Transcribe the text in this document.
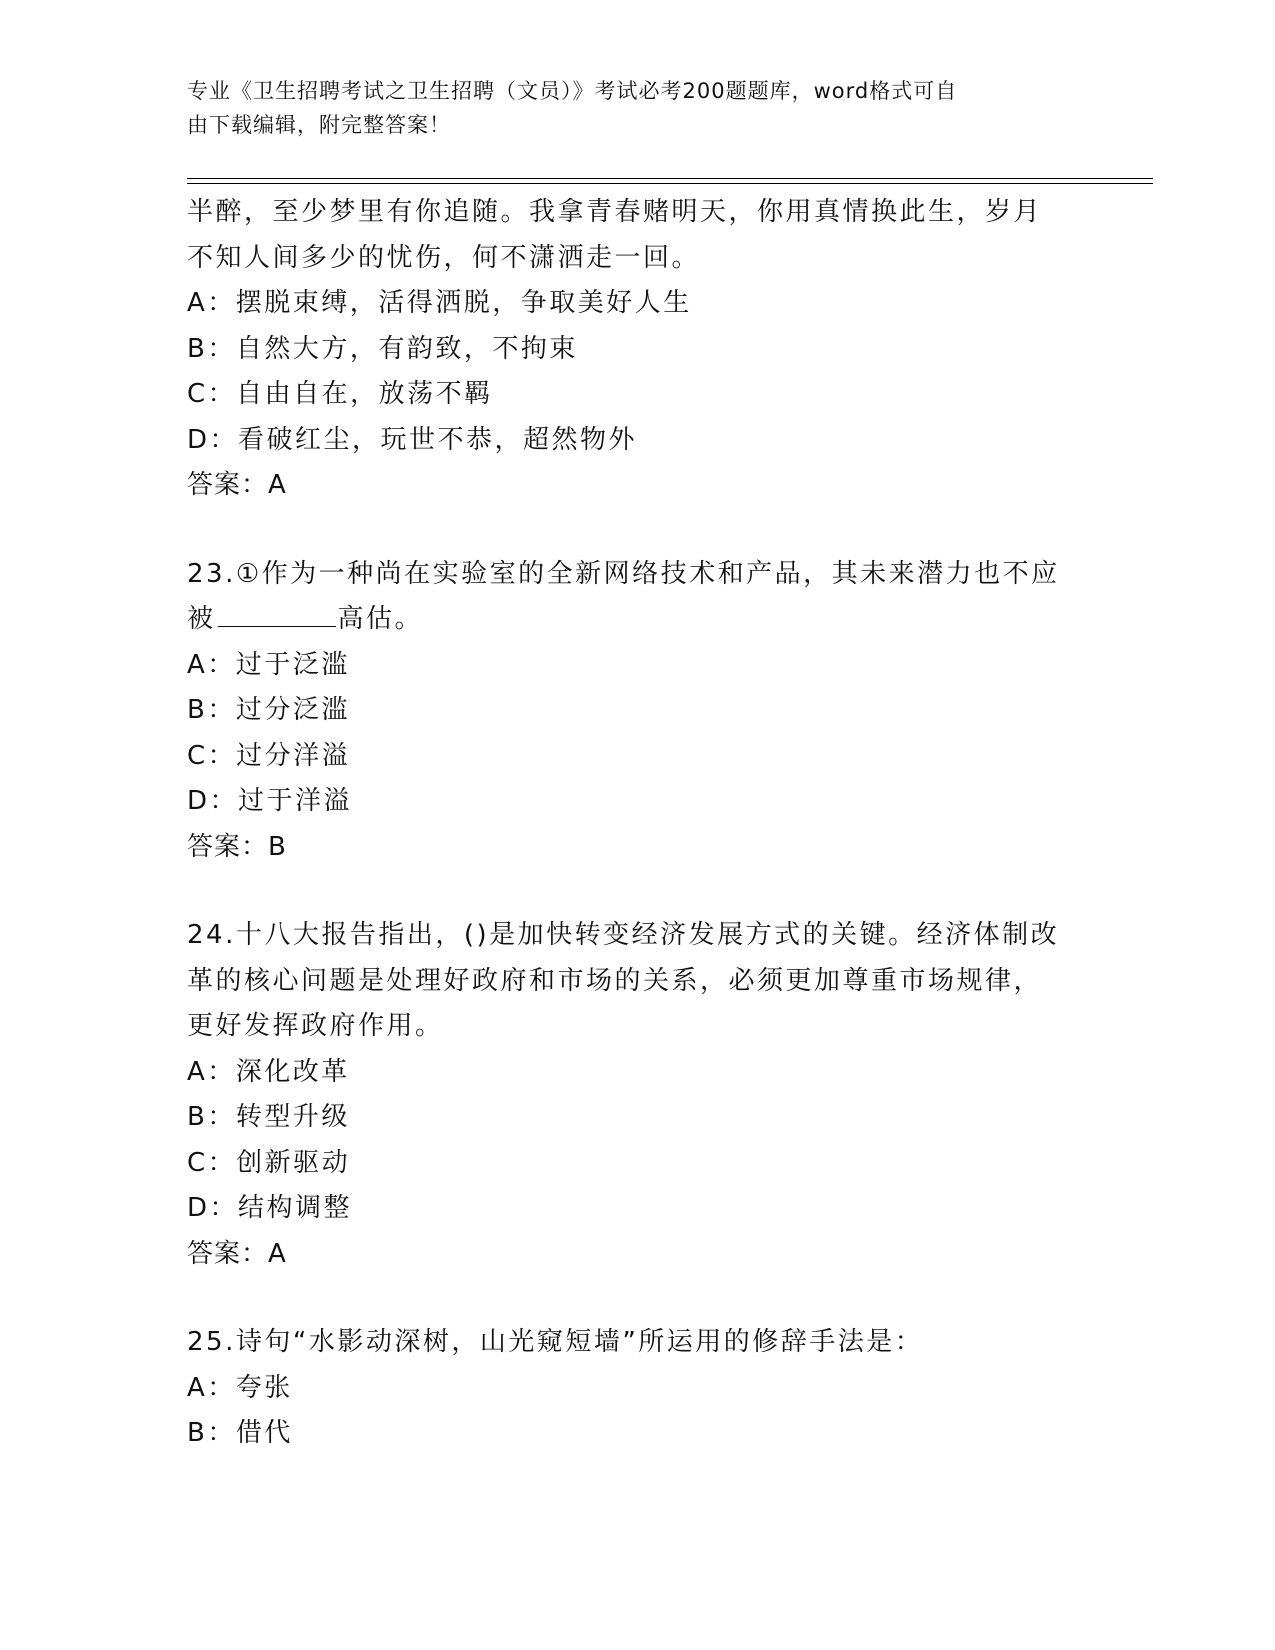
专业《卫生招聘考试之卫生招聘（文员）》考试必考200题题库，word格式可自
由下载编辑，附完整答案！
半醉，至少梦里有你追随。我拿青春赌明天，你用真情换此生，岁月
不知人间多少的忧伤，何不潇洒走一回。
A：摆脱束缚，活得洒脱，争取美好人生
B：自然大方，有韵致，不拘束
C：自由自在，放荡不羁
D：看破红尘，玩世不恭，超然物外
答案：A
23.①作为一种尚在实验室的全新网络技术和产品，其未来潜力也不应
被	高估。
A：过于泛滥
B：过分泛滥
C：过分洋溢
D：过于洋溢
答案：B
24.十八大报告指出，()是加快转变经济发展方式的关键。经济体制改
革的核心问题是处理好政府和市场的关系，必须更加尊重市场规律，
更好发挥政府作用。
A：深化改革
B：转型升级
C：创新驱动
D：结构调整
答案：A
25.诗句“水影动深树，山光窥短墙”所运用的修辞手法是：
A：夸张
B：借代
